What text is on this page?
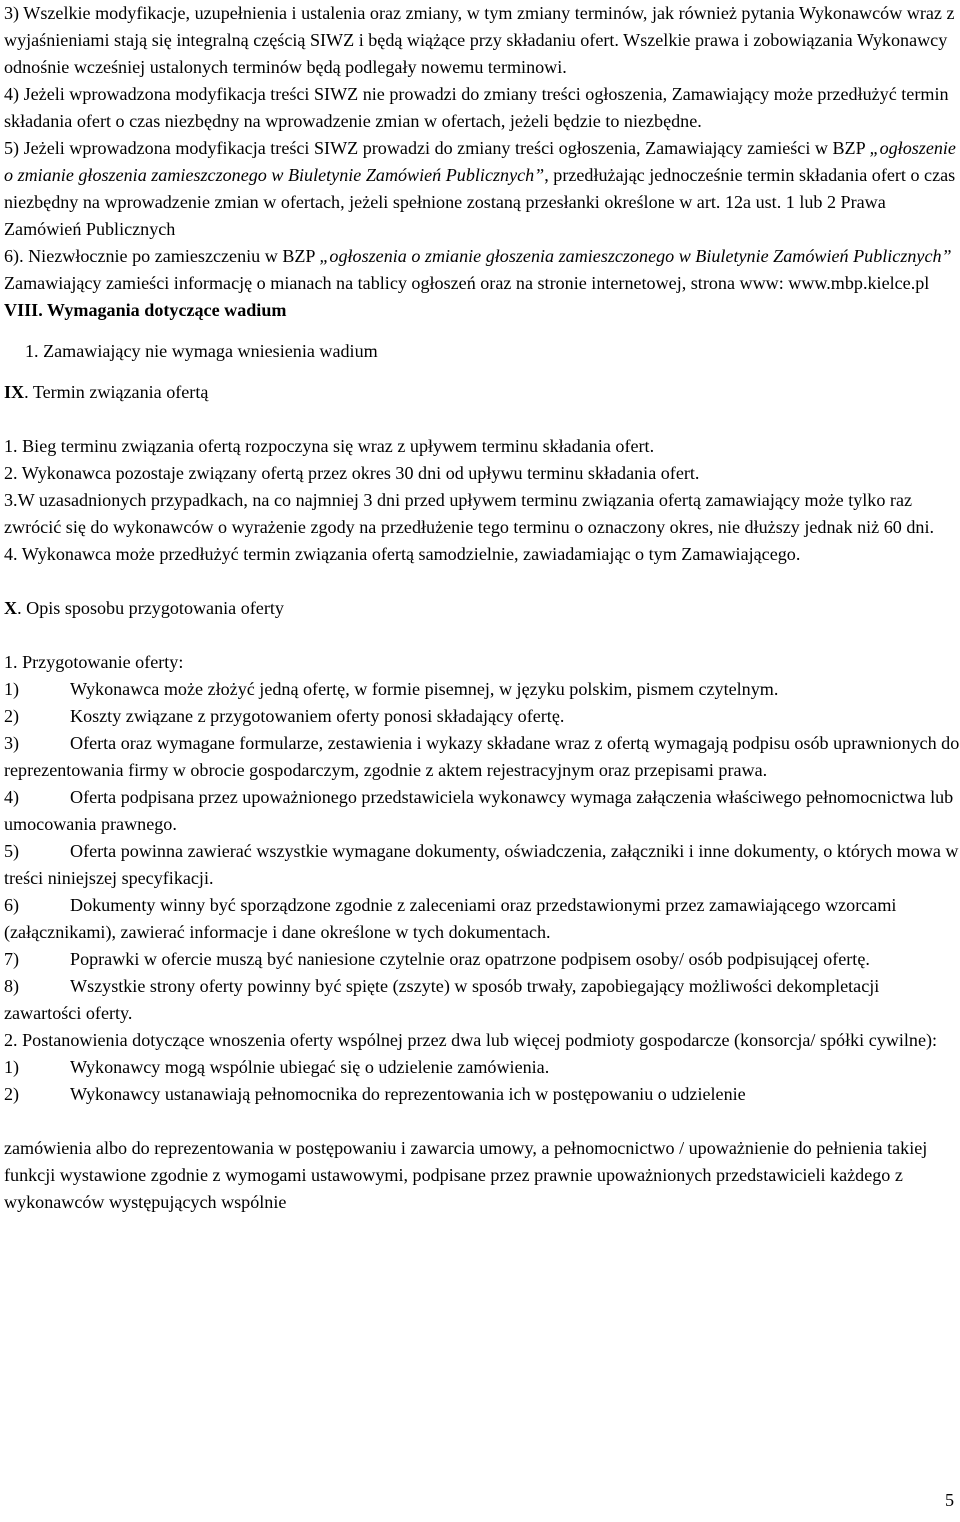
3) Wszelkie modyfikacje, uzupełnienia i ustalenia oraz zmiany, w tym zmiany terminów, jak również pytania Wykonawców wraz z wyjaśnieniami stają się integralną częścią SIWZ i będą wiążące przy składaniu ofert. Wszelkie prawa i zobowiązania Wykonawcy odnośnie wcześniej ustalonych terminów będą podlegały nowemu terminowi.

4) Jeżeli wprowadzona modyfikacja treści SIWZ nie prowadzi do zmiany treści ogłoszenia, Zamawiający może przedłużyć termin składania ofert o czas niezbędny na wprowadzenie zmian w ofertach, jeżeli będzie to niezbędne.

5) Jeżeli wprowadzona modyfikacja treści SIWZ prowadzi do zmiany treści ogłoszenia, Zamawiający zamieści w BZP „ogłoszenie o zmianie głoszenia zamieszczonego w Biuletynie Zamówień Publicznych”, przedłużając jednocześnie termin składania ofert o czas niezbędny na wprowadzenie zmian w ofertach, jeżeli spełnione zostaną przesłanki określone w art. 12a ust. 1 lub 2 Prawa Zamówień Publicznych

6). Niezwłocznie po zamieszczeniu w BZP „ogłoszenia o zmianie głoszenia zamieszczonego w Biuletynie Zamówień Publicznych” Zamawiający zamieści informację o mianach na tablicy ogłoszeń oraz na stronie internetowej, strona www: www.mbp.kielce.pl

VIII. Wymagania dotyczące wadium

1. Zamawiający nie wymaga wniesienia wadium

IX. Termin związania ofertą

1. Bieg terminu związania ofertą rozpoczyna się wraz z upływem terminu składania ofert.

2. Wykonawca pozostaje związany ofertą przez okres 30 dni od upływu terminu składania ofert.

3.W uzasadnionych przypadkach, na co najmniej 3 dni przed upływem terminu związania ofertą zamawiający może tylko raz zwrócić się do wykonawców o wyrażenie zgody na przedłużenie tego terminu o oznaczony okres, nie dłuższy jednak niż 60 dni.

4. Wykonawca może przedłużyć termin związania ofertą samodzielnie, zawiadamiając o tym Zamawiającego.

X. Opis sposobu przygotowania oferty

1. Przygotowanie oferty:

1)	Wykonawca może złożyć jedną ofertę, w formie pisemnej, w języku polskim, pismem czytelnym.

2)	Koszty związane z przygotowaniem oferty ponosi składający ofertę.

3)	Oferta oraz wymagane formularze, zestawienia i wykazy składane wraz z ofertą wymagają podpisu osób uprawnionych do reprezentowania firmy w obrocie gospodarczym, zgodnie z aktem rejestracyjnym oraz przepisami prawa.

4)	Oferta podpisana przez upoważnionego przedstawiciela wykonawcy wymaga załączenia właściwego pełnomocnictwa lub umocowania prawnego.

5)	Oferta powinna zawierać wszystkie wymagane dokumenty, oświadczenia, załączniki i inne dokumenty, o których mowa w treści niniejszej specyfikacji.

6)	Dokumenty winny być sporządzone zgodnie z zaleceniami oraz przedstawionymi przez zamawiającego wzorcami (załącznikami), zawierać informacje i dane określone w tych dokumentach.

7)	Poprawki w ofercie muszą być naniesione czytelnie oraz opatrzone podpisem osoby/ osób podpisującej ofertę.

8)	Wszystkie strony oferty powinny być spięte (zszyte) w sposób trwały, zapobiegający możliwości dekompletacji zawartości oferty.

2. Postanowienia dotyczące wnoszenia oferty wspólnej przez dwa lub więcej podmioty gospodarcze (konsorcja/ spółki cywilne):

1)	Wykonawcy mogą wspólnie ubiegać się o udzielenie zamówienia.

2)	Wykonawcy ustanawiają pełnomocnika do reprezentowania ich w postępowaniu o udzielenie

zamówienia albo do reprezentowania w postępowaniu i zawarcia umowy, a pełnomocnictwo / upoważnienie do pełnienia takiej funkcji wystawione zgodnie z wymogami ustawowymi, podpisane przez prawnie upoważnionych przedstawicieli każdego z wykonawców występujących wspólnie

5
